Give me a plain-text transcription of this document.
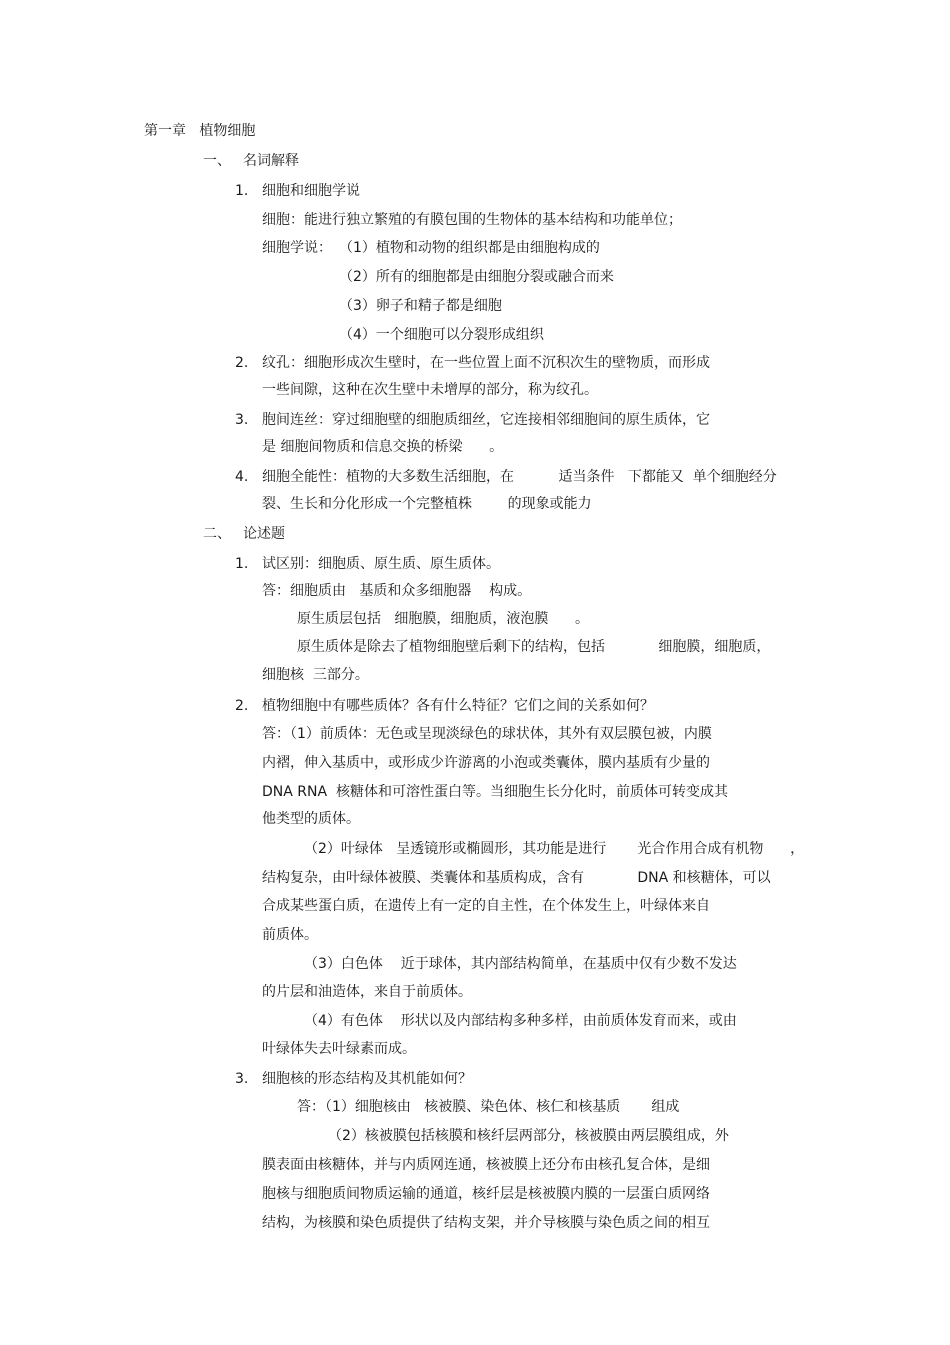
第一章   植物细胞
一、 名词解释
1. 细胞和细胞学说
细胞：能进行独立繁殖的有膜包围的生物体的基本结构和功能单位；
细胞学说： （1）植物和动物的组织都是由细胞构成的
（2）所有的细胞都是由细胞分裂或融合而来
（3）卵子和精子都是细胞
（4）一个细胞可以分裂形成组织
2. 纹孔：细胞形成次生壁时，在一些位置上面不沉积次生的壁物质，而形成
一些间隙，这种在次生壁中未增厚的部分，称为纹孔。
3. 胞间连丝：穿过细胞壁的细胞质细丝，它连接相邻细胞间的原生质体，它
是 细胞间物质和信息交换的桥梁      。
4. 细胞全能性：植物的大多数生活细胞，在          适当条件   下都能又  单个细胞经分
裂、生长和分化形成一个完整植株        的现象或能力
二、 论述题
1. 试区别：细胞质、原生质、原生质体。
答：细胞质由   基质和众多细胞器    构成。
原生质层包括   细胞膜，细胞质，液泡膜      。
原生质体是除去了植物细胞壁后剩下的结构，包括            细胞膜，细胞质，
细胞核  三部分。
2. 植物细胞中有哪些质体？各有什么特征？它们之间的关系如何？
答：（1）前质体：无色或呈现淡绿色的球状体，其外有双层膜包被，内膜
内褶，伸入基质中，或形成少许游离的小泡或类囊体，膜内基质有少量的
DNA RNA  核糖体和可溶性蛋白等。当细胞生长分化时，前质体可转变成其
他类型的质体。
（2）叶绿体   呈透镜形或椭圆形，其功能是进行       光合作用合成有机物      ，
结构复杂，由叶绿体被膜、类囊体和基质构成，含有            DNA 和核糖体，可以
合成某些蛋白质，在遗传上有一定的自主性，在个体发生上，叶绿体来自
前质体。
（3）白色体    近于球体，其内部结构简单，在基质中仅有少数不发达
的片层和油造体，来自于前质体。
（4）有色体    形状以及内部结构多种多样，由前质体发育而来，或由
叶绿体失去叶绿素而成。
3. 细胞核的形态结构及其机能如何？
答：（1）细胞核由   核被膜、染色体、核仁和核基质       组成
（2）核被膜包括核膜和核纤层两部分，核被膜由两层膜组成，外
膜表面由核糖体，并与内质网连通，核被膜上还分布由核孔复合体，是细
胞核与细胞质间物质运输的通道，核纤层是核被膜内膜的一层蛋白质网络
结构，为核膜和染色质提供了结构支架，并介导核膜与染色质之间的相互
